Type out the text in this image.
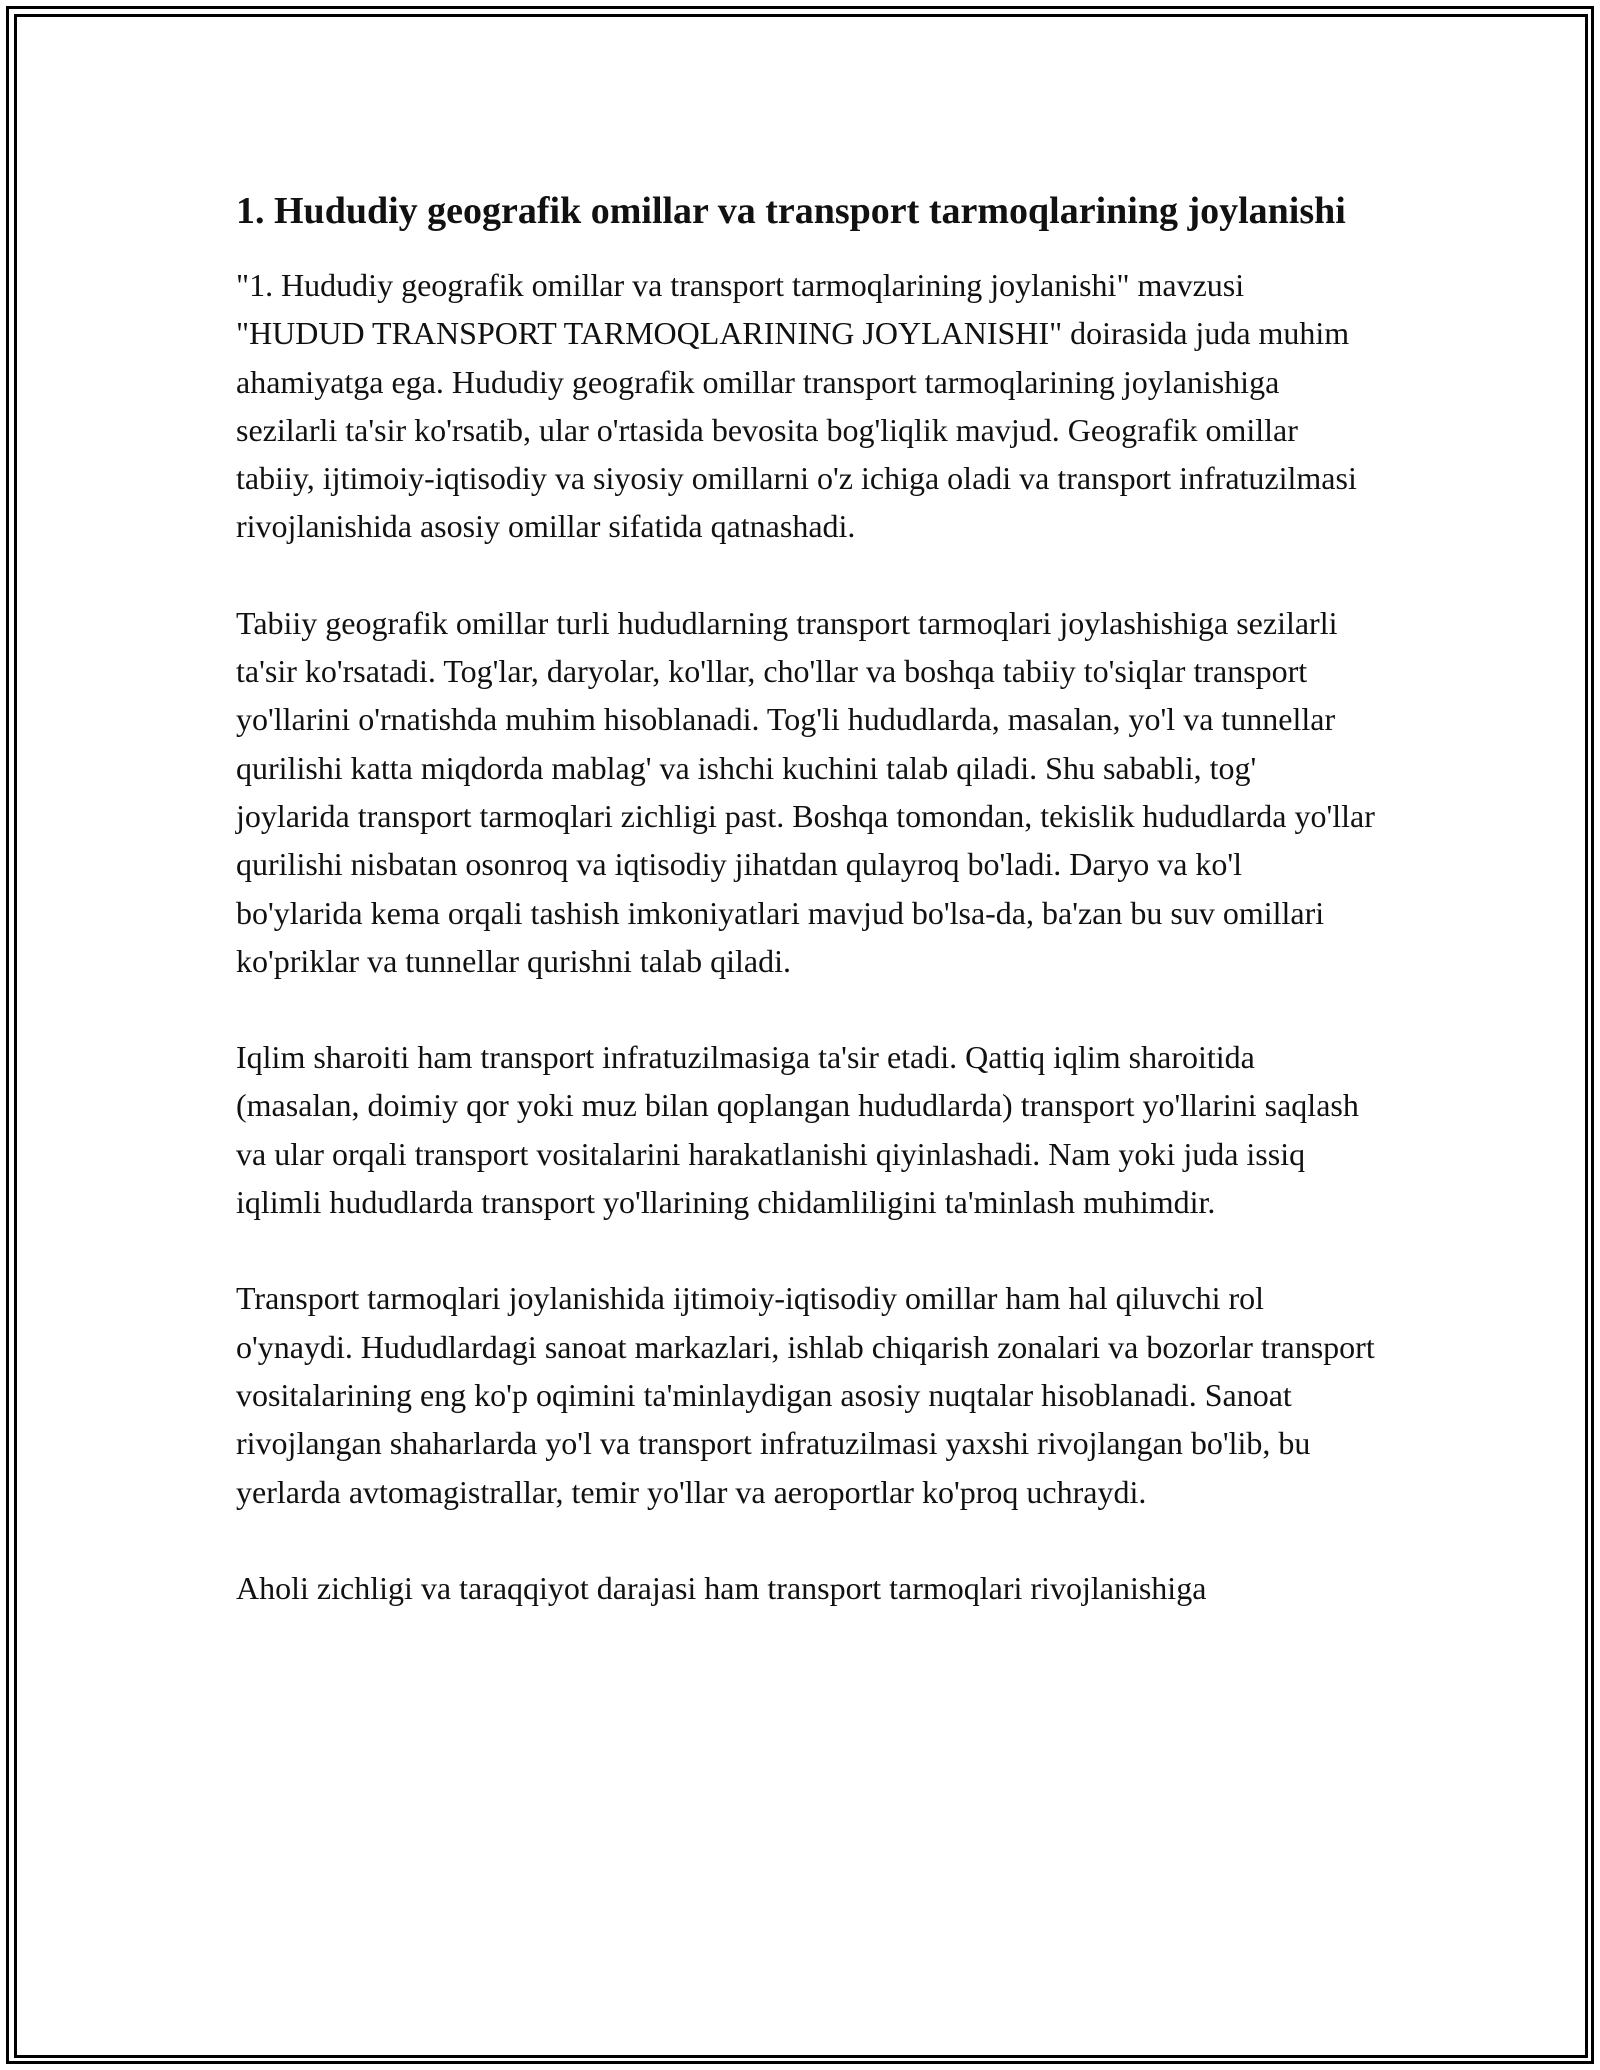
1. Hududiy geografik omillar va transport tarmoqlarining joylanishi

"1. Hududiy geografik omillar va transport tarmoqlarining joylanishi" mavzusi "HUDUD TRANSPORT TARMOQLARINING JOYLANISHI" doirasida juda muhim ahamiyatga ega. Hududiy geografik omillar transport tarmoqlarining joylanishiga sezilarli ta'sir ko'rsatib, ular o'rtasida bevosita bog'liqlik mavjud. Geografik omillar tabiiy, ijtimoiy-iqtisodiy va siyosiy omillarni o'z ichiga oladi va transport infratuzilmasi rivojlanishida asosiy omillar sifatida qatnashadi.

Tabiiy geografik omillar turli hududlarning transport tarmoqlari joylashishiga sezilarli ta'sir ko'rsatadi. Tog'lar, daryolar, ko'llar, cho'llar va boshqa tabiiy to'siqlar transport yo'llarini o'rnatishda muhim hisoblanadi. Tog'li hududlarda, masalan, yo'l va tunnellar qurilishi katta miqdorda mablag' va ishchi kuchini talab qiladi. Shu sababli, tog' joylarida transport tarmoqlari zichligi past. Boshqa tomondan, tekislik hududlarda yo'llar qurilishi nisbatan osonroq va iqtisodiy jihatdan qulayroq bo'ladi. Daryo va ko'l bo'ylarida kema orqali tashish imkoniyatlari mavjud bo'lsa-da, ba'zan bu suv omillari ko'priklar va tunnellar qurishni talab qiladi.

Iqlim sharoiti ham transport infratuzilmasiga ta'sir etadi. Qattiq iqlim sharoitida (masalan, doimiy qor yoki muz bilan qoplangan hududlarda) transport yo'llarini saqlash va ular orqali transport vositalarini harakatlanishi qiyinlashadi. Nam yoki juda issiq iqlimli hududlarda transport yo'llarining chidamliligini ta'minlash muhimdir.

Transport tarmoqlari joylanishida ijtimoiy-iqtisodiy omillar ham hal qiluvchi rol o'ynaydi. Hududlardagi sanoat markazlari, ishlab chiqarish zonalari va bozorlar transport vositalarining eng ko'p oqimini ta'minlaydigan asosiy nuqtalar hisoblanadi. Sanoat rivojlangan shaharlarda yo'l va transport infratuzilmasi yaxshi rivojlangan bo'lib, bu yerlarda avtomagistrallar, temir yo'llar va aeroportlar ko'proq uchraydi.

Aholi zichligi va taraqqiyot darajasi ham transport tarmoqlari rivojlanishiga
